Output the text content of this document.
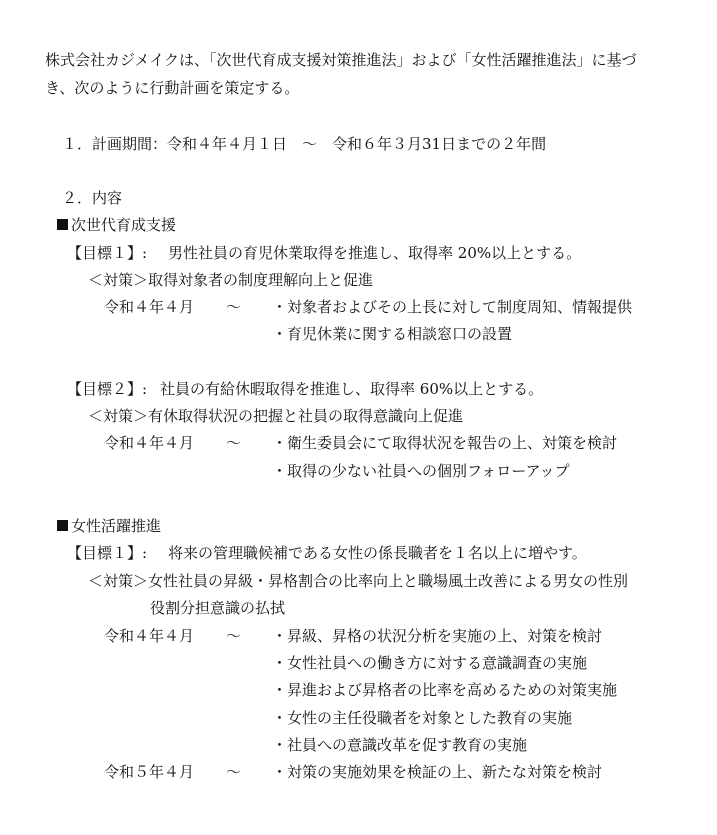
株式会社カジメイクは、「次世代育成支援対策推進法」および「女性活躍推進法」に基づ
き、次のように行動計画を策定する。
１． 計画期間：令和４年４月１日　～　令和６年３月31日までの２年間
２． 内容
次世代育成支援
【目標１】: 男性社員の育児休業取得を推進し、取得率 20%以上とする。
＜対策＞取得対象者の制度理解向上と促進
令和４年４月 ～ ・対象者およびその上長に対して制度周知、情報提供
・育児休業に関する相談窓口の設置
【目標２】: 社員の有給休暇取得を推進し、取得率 60%以上とする。
＜対策＞有休取得状況の把握と社員の取得意識向上促進
令和４年４月 ～ ・衛生委員会にて取得状況を報告の上、対策を検討
・取得の少ない社員への個別フォローアップ
女性活躍推進
【目標１】: 将来の管理職候補である女性の係長職者を１名以上に増やす。
＜対策＞女性社員の昇級・昇格割合の比率向上と職場風土改善による男女の性別
役割分担意識の払拭
令和４年４月 ～ ・昇級、昇格の状況分析を実施の上、対策を検討
・女性社員への働き方に対する意識調査の実施
・昇進および昇格者の比率を高めるための対策実施
・女性の主任役職者を対象とした教育の実施
・社員への意識改革を促す教育の実施
令和５年４月 ～ ・対策の実施効果を検証の上、新たな対策を検討
